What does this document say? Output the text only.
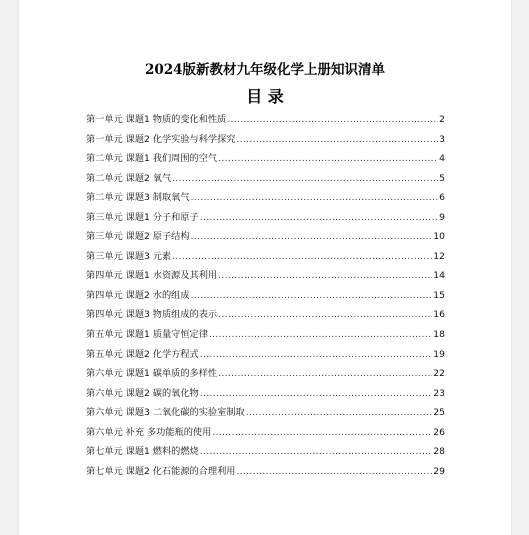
2024版新教材九年级化学上册知识清单
目 录
第一单元 课题1 物质的变化和性质 .....	2
第一单元 课题2 化学实验与科学探究 .....	3
第二单元 课题1 我们周围的空气 .....	4
第二单元 课题2 氧气 .....	5
第二单元 课题3 制取氧气 .....	6
第三单元 课题1 分子和原子 .....	9
第三单元 课题2 原子结构 .....	10
第三单元 课题3 元素 .....	12
第四单元 课题1 水资源及其利用 .....	14
第四单元 课题2 水的组成 .....	15
第四单元 课题3 物质组成的表示 .....	16
第五单元 课题1 质量守恒定律 .....	18
第五单元 课题2 化学方程式 .....	19
第六单元 课题1 碳单质的多样性 .....	22
第六单元 课题2 碳的氧化物 .....	23
第六单元 课题3 二氧化碳的实验室制取 .....	25
第六单元 补充 多功能瓶的使用 .....	26
第七单元 课题1 燃料的燃烧 .....	28
第七单元 课题2 化石能源的合理利用 .....	29
